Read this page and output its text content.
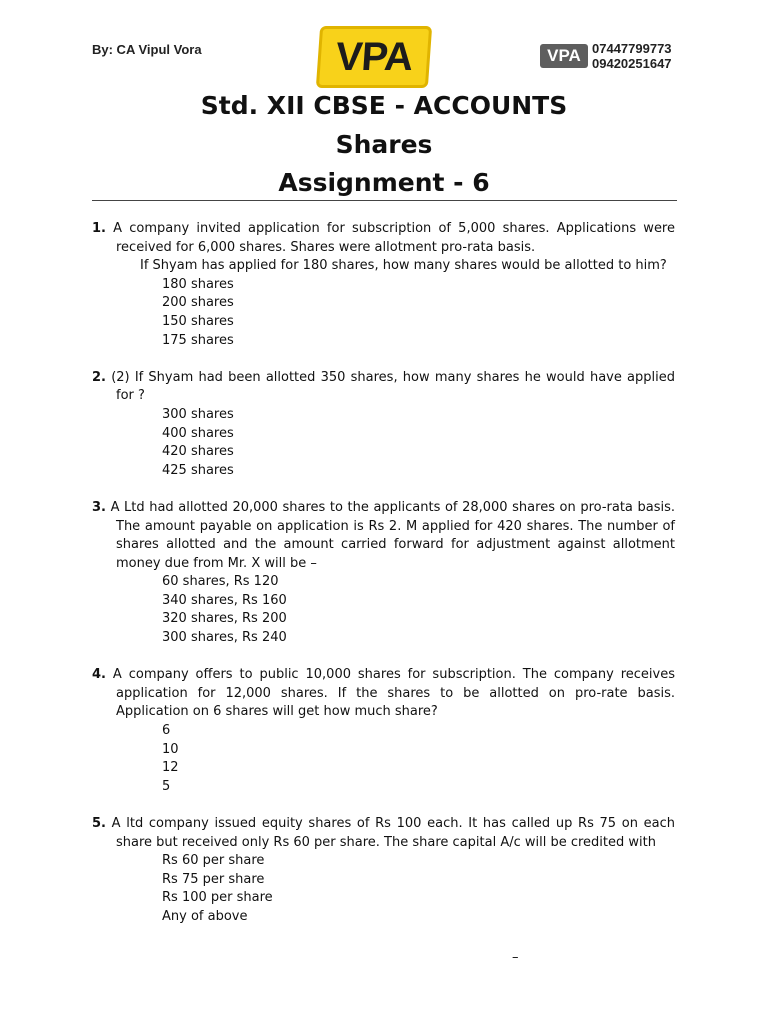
By: CA Vipul Vora	VPA	VPA 07447799773
09420251647
Std. XII CBSE - ACCOUNTS
Shares
Assignment - 6
1. A company invited application for subscription of 5,000 shares. Applications were received for 6,000 shares. Shares were allotment pro-rata basis.
If Shyam has applied for 180 shares, how many shares would be allotted to him?
180 shares
200 shares
150 shares
175 shares
2. (2) If Shyam had been allotted 350 shares, how many shares he would have applied for ?
300 shares
400 shares
420 shares
425 shares
3. A Ltd had allotted 20,000 shares to the applicants of 28,000 shares on pro-rata basis. The amount payable on application is Rs 2. M applied for 420 shares. The number of shares allotted and the amount carried forward for adjustment against allotment money due from Mr. X will be –
60 shares, Rs 120
340 shares, Rs 160
320 shares, Rs 200
300 shares, Rs 240
4. A company offers to public 10,000 shares for subscription. The company receives application for 12,000 shares. If the shares to be allotted on pro-rate basis. Application on 6 shares will get how much share?
6
10
12
5
5. A ltd company issued equity shares of Rs 100 each. It has called up Rs 75 on each share but received only Rs 60 per share. The share capital A/c will be credited with
Rs 60 per share
Rs 75 per share
Rs 100 per share
Any of above
–
